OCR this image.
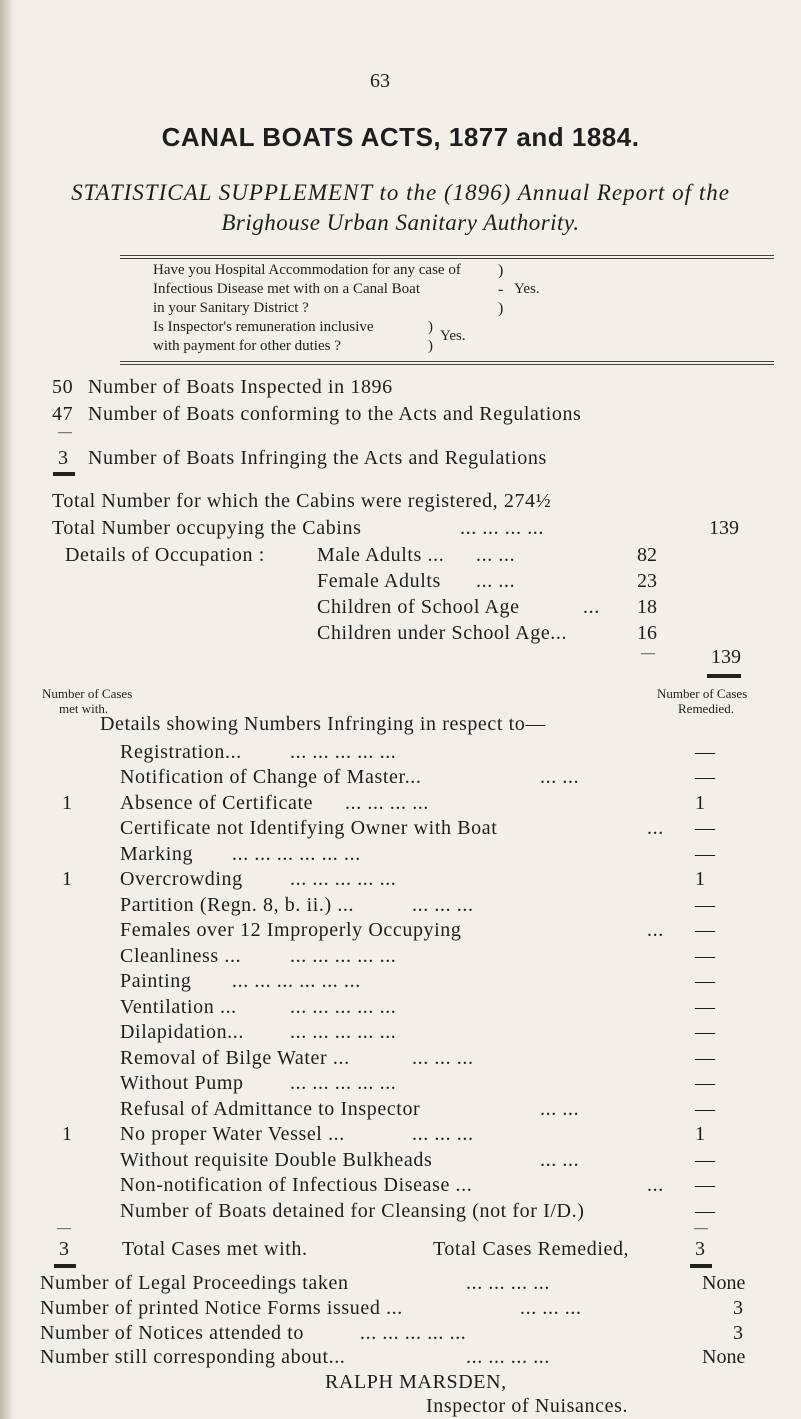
63
CANAL BOATS ACTS, 1877 and 1884.
STATISTICAL SUPPLEMENT to the (1896) Annual Report of the
Brighouse Urban Sanitary Authority.
Have you Hospital Accommodation for any case of
Infectious Disease met with on a Canal Boat
in your Sanitary District ?
)
-
)
Yes.
Is Inspector's remuneration inclusive
with payment for other duties ?
)
)
Yes.
50 Number of Boats Inspected in 1896
47 Number of Boats conforming to the Acts and Regulations
—
3 Number of Boats Infringing the Acts and Regulations
Total Number for which the Cabins were registered, 274½
Total Number occupying the Cabins	... ... ... ...	139
Details of Occupation :	Male Adults ... ... ...	82
Female Adults ... ...	23
Children of School Age	... 18
Children under School Age...	16
—	139
Number of Cases
met with.
Number of Cases
Remedied.
Details showing Numbers Infringing in respect to—
Registration... ... ... ... ... ...	—
Notification of Change of Master...	... ...	—
1 Absence of Certificate ... ... ... ...	1
Certificate not Identifying Owner with Boat	... —
Marking ... ... ... ... ... ...	—
1 Overcrowding ... ... ... ... ...	1
Partition (Regn. 8, b. ii.) ...	... ... ...	—
Females over 12 Improperly Occupying	... —
Cleanliness ... ... ... ... ... ...	—
Painting ... ... ... ... ... ...	—
Ventilation ...	... ... ... ... ...	—
Dilapidation... ... ... ... ... ...	—
Removal of Bilge Water ...	... ... ...	—
Without Pump ... ... ... ... ...	—
Refusal of Admittance to Inspector	... ...	—
1 No proper Water Vessel ...	... ... ...	1
Without requisite Double Bulkheads	... ...	—
Non-notification of Infectious Disease ...	... —
Number of Boats detained for Cleansing (not for I/D.)	—
—	—
3	Total Cases met with.	Total Cases Remedied,	3
Number of Legal Proceedings taken	... ... ... ...	None
Number of printed Notice Forms issued ...	... ... ...	3
Number of Notices attended to	... ... ... ... ...	3
Number still corresponding about...	... ... ... ...	None
RALPH MARSDEN,
Inspector of Nuisances.
